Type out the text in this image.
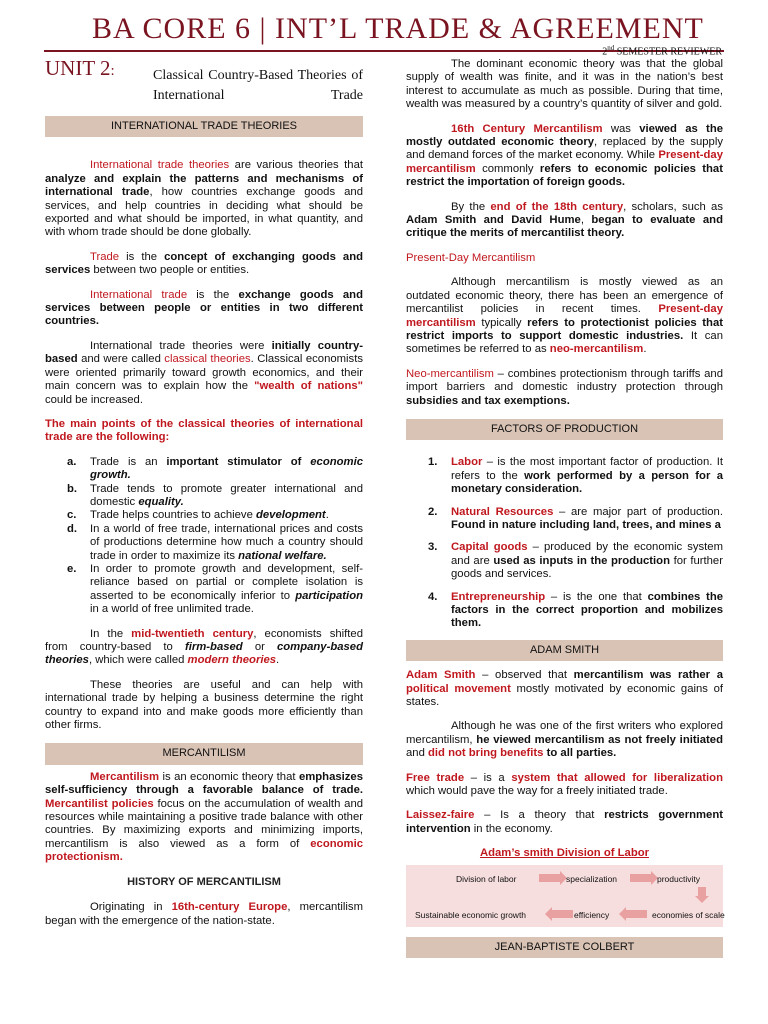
BA CORE 6 | INT’L TRADE & AGREEMENT
2nd SEMESTER REVIEWER
UNIT 2:	Classical Country-Based Theories of International Trade
INTERNATIONAL TRADE THEORIES

International trade theories are various theories that analyze and explain the patterns and mechanisms of international trade, how countries exchange goods and services, and help countries in deciding what should be exported and what should be imported, in what quantity, and with whom trade should be done globally.

Trade is the concept of exchanging goods and services between two people or entities.

International trade is the exchange goods and services between people or entities in two different countries.

International trade theories were initially country-based and were called classical theories. Classical economists were oriented primarily toward growth economics, and their main concern was to explain how the "wealth of nations" could be increased.

The main points of the classical theories of international trade are the following:

a. Trade is an important stimulator of economic growth.
b. Trade tends to promote greater international and domestic equality.
c. Trade helps countries to achieve development.
d. In a world of free trade, international prices and costs of productions determine how much a country should trade in order to maximize its national welfare.
e. In order to promote growth and development, self-reliance based on partial or complete isolation is asserted to be economically inferior to participation in a world of free unlimited trade.

In the mid-twentieth century, economists shifted from country-based to firm-based or company-based theories, which were called modern theories.

These theories are useful and can help with international trade by helping a business determine the right country to expand into and make goods more efficiently than other firms.

MERCANTILISM

Mercantilism is an economic theory that emphasizes self-sufficiency through a favorable balance of trade. Mercantilist policies focus on the accumulation of wealth and resources while maintaining a positive trade balance with other countries. By maximizing exports and minimizing imports, mercantilism is also viewed as a form of economic protectionism.

HISTORY OF MERCANTILISM

Originating in 16th-century Europe, mercantilism began with the emergence of the nation-state.

The dominant economic theory was that the global supply of wealth was finite, and it was in the nation’s best interest to accumulate as much as possible. During that time, wealth was measured by a country’s quantity of silver and gold.

16th Century Mercantilism was viewed as the mostly outdated economic theory, replaced by the supply and demand forces of the market economy. While Present-day mercantilism commonly refers to economic policies that restrict the importation of foreign goods.

By the end of the 18th century, scholars, such as Adam Smith and David Hume, began to evaluate and critique the merits of mercantilist theory.

Present-Day Mercantilism

Although mercantilism is mostly viewed as an outdated economic theory, there has been an emergence of mercantilist policies in recent times. Present-day mercantilism typically refers to protectionist policies that restrict imports to support domestic industries. It can sometimes be referred to as neo-mercantilism.

Neo-mercantilism – combines protectionism through tariffs and import barriers and domestic industry protection through subsidies and tax exemptions.

FACTORS OF PRODUCTION
1. Labor – is the most important factor of production. It refers to the work performed by a person for a monetary consideration.
2. Natural Resources – are major part of production. Found in nature including land, trees, and mines a
3. Capital goods – produced by the economic system and are used as inputs in the production for further goods and services.
4. Entrepreneurship – is the one that combines the factors in the correct proportion and mobilizes them.
ADAM SMITH

Adam Smith – observed that mercantilism was rather a political movement mostly motivated by economic gains of states.

Although he was one of the first writers who explored mercantilism, he viewed mercantilism as not freely initiated and did not bring benefits to all parties.

Free trade – is a system that allowed for liberalization which would pave the way for a freely initiated trade.

Laissez-faire – Is a theory that restricts government intervention in the economy.

Adam’s smith Division of Labor
Division of labor	specialization	productivity
Sustainable economic growth	efficiency	economies of scale
JEAN-BAPTISTE COLBERT
